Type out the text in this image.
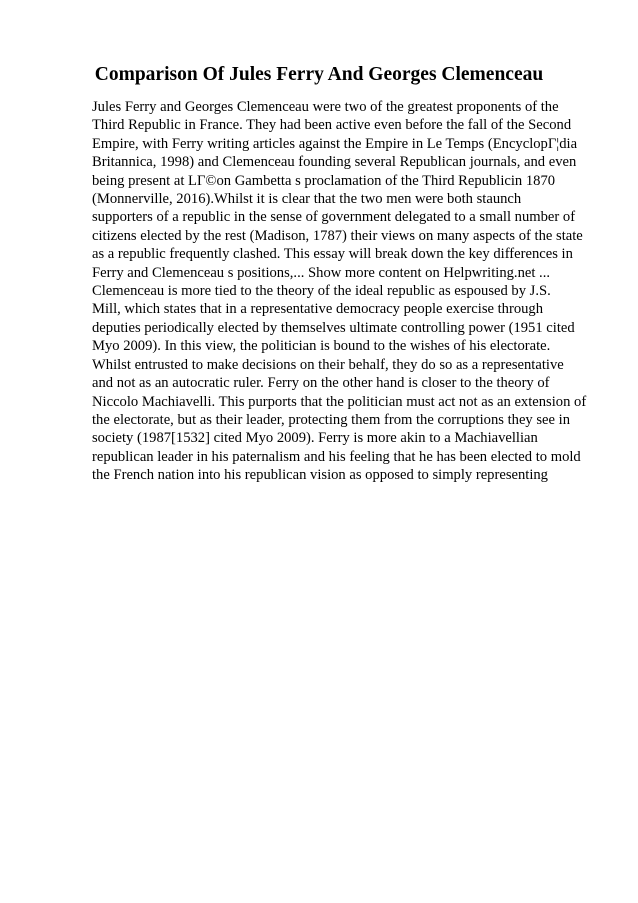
Comparison Of Jules Ferry And Georges Clemenceau
Jules Ferry and Georges Clemenceau were two of the greatest proponents of the
Third Republic in France. They had been active even before the fall of the Second
Empire, with Ferry writing articles against the Empire in Le Temps (EncyclopГ¦dia
Britannica, 1998) and Clemenceau founding several Republican journals, and even
being present at LГ©on Gambetta s proclamation of the Third Republicin 1870
(Monnerville, 2016).Whilst it is clear that the two men were both staunch
supporters of a republic in the sense of government delegated to a small number of
citizens elected by the rest (Madison, 1787) their views on many aspects of the state
as a republic frequently clashed. This essay will break down the key differences in
Ferry and Clemenceau s positions,... Show more content on Helpwriting.net ...
Clemenceau is more tied to the theory of the ideal republic as espoused by J.S.
Mill, which states that in a representative democracy people exercise through
deputies periodically elected by themselves ultimate controlling power (1951 cited
Myo 2009). In this view, the politician is bound to the wishes of his electorate.
Whilst entrusted to make decisions on their behalf, they do so as a representative
and not as an autocratic ruler. Ferry on the other hand is closer to the theory of
Niccolo Machiavelli. This purports that the politician must act not as an extension of
the electorate, but as their leader, protecting them from the corruptions they see in
society (1987[1532] cited Myo 2009). Ferry is more akin to a Machiavellian
republican leader in his paternalism and his feeling that he has been elected to mold
the French nation into his republican vision as opposed to simply representing
